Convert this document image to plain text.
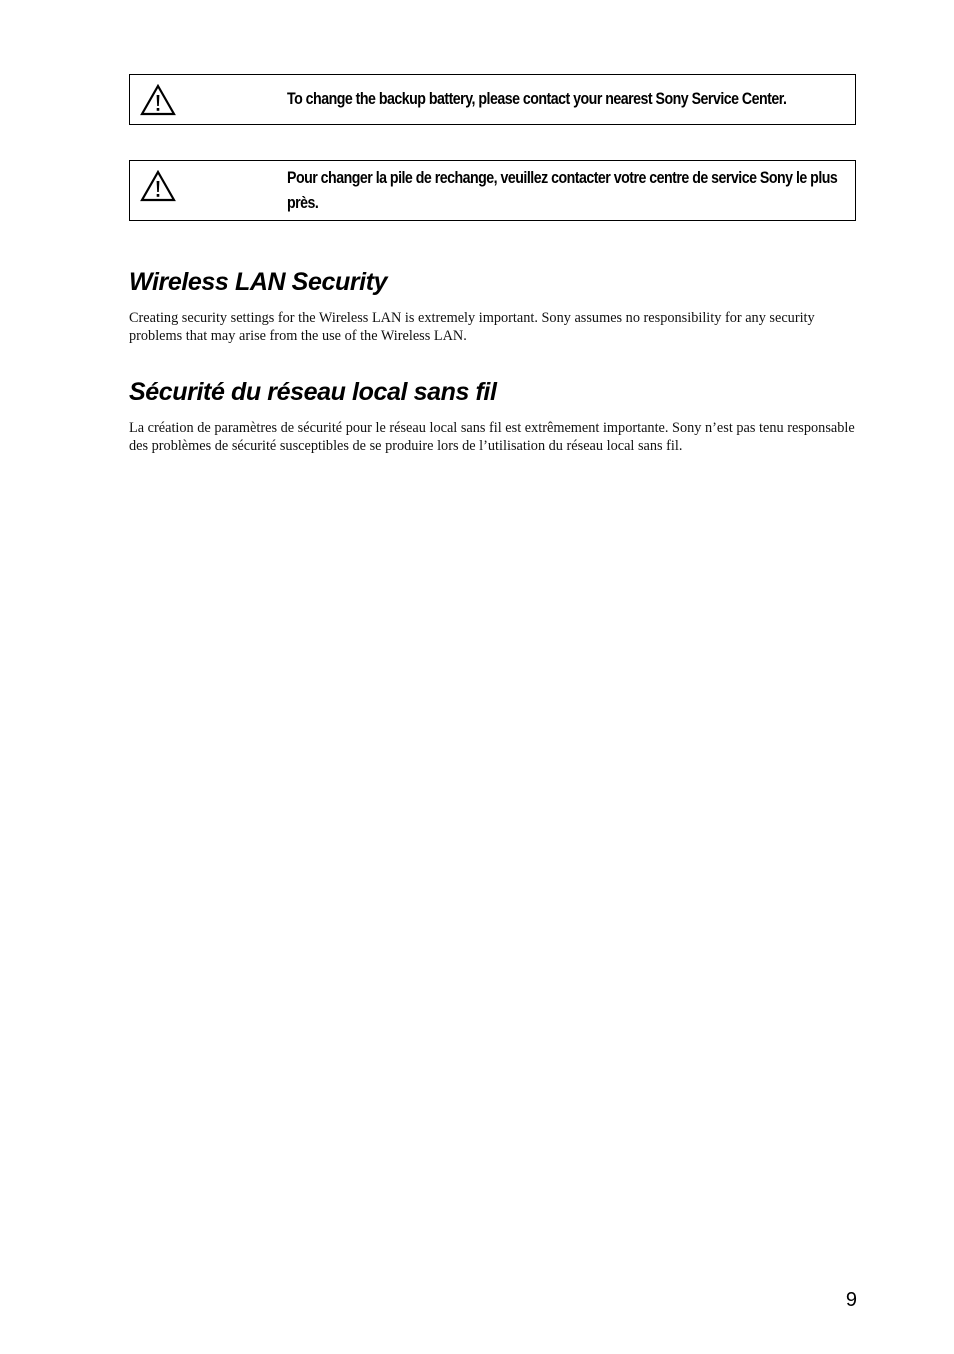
To change the backup battery, please contact your nearest Sony Service Center.
Pour changer la pile de rechange, veuillez contacter votre centre de service Sony le plus près.
Wireless LAN Security

Creating security settings for the Wireless LAN is extremely important. Sony assumes no responsibility for any security problems that may arise from the use of the Wireless LAN.

Sécurité du réseau local sans fil

La création de paramètres de sécurité pour le réseau local sans fil est extrêmement importante. Sony n’est pas tenu responsable des problèmes de sécurité susceptibles de se produire lors de l’utilisation du réseau local sans fil.

9
